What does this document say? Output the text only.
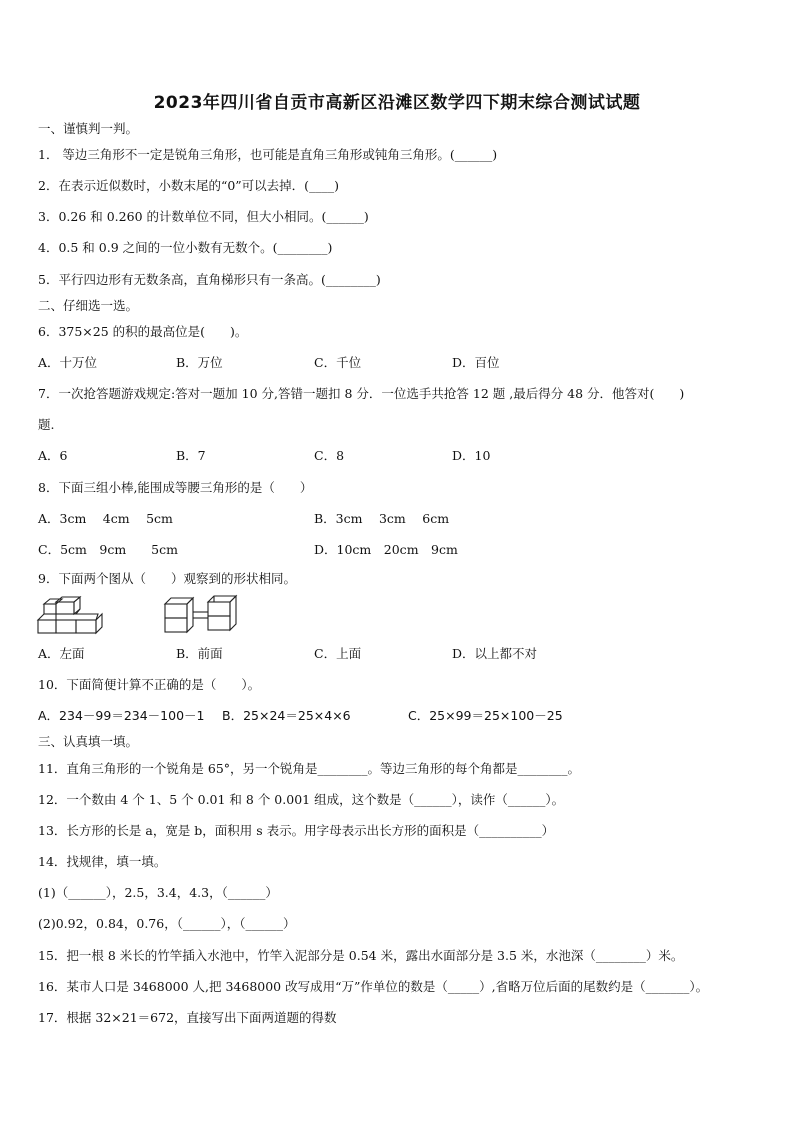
2023年四川省自贡市高新区沿滩区数学四下期末综合测试试题
一、谨慎判一判。
1． 等边三角形不一定是锐角三角形，也可能是直角三角形或钝角三角形。(______)
2．在表示近似数时，小数末尾的“0”可以去掉．(____)
3．0.26 和 0.260 的计数单位不同，但大小相同。(______)
4．0.5 和 0.9 之间的一位小数有无数个。(________)
5．平行四边形有无数条高，直角梯形只有一条高。(________)
二、仔细选一选。
6．375×25 的积的最高位是(　　)。
A．十万位	B．万位	C．千位	D．百位
7．一次抢答题游戏规定:答对一题加 10 分,答错一题扣 8 分．一位选手共抢答 12 题 ,最后得分 48 分．他答对(　　)
题.
A．6	B．7	C．8	D．10
8．下面三组小棒,能围成等腰三角形的是（　　）
A．3cm　 4cm　 5cm	B．3cm　 3cm　 6cm
C．5cm　9cm　　5cm	D．10cm　20cm　9cm
9．下面两个图从（　　）观察到的形状相同。
A．左面	B．前面	C．上面	D．以上都不对
10．下面简便计算不正确的是（　　）。
A．234－99＝234－100－1 B．25×24＝25×4×6	C．25×99＝25×100－25
三、认真填一填。
11．直角三角形的一个锐角是 65°，另一个锐角是________。等边三角形的每个角都是________。
12．一个数由 4 个 1、5 个 0.01 和 8 个 0.001 组成，这个数是（______），读作（______）。
13．长方形的长是 a，宽是 b，面积用 s 表示。用字母表示出长方形的面积是（__________）
14．找规律，填一填。
(1)（______），2.5，3.4，4.3，（______）
(2)0.92，0.84，0.76，（______），（______）
15．把一根 8 米长的竹竿插入水池中，竹竿入泥部分是 0.54 米，露出水面部分是 3.5 米，水池深（________）米。
16．某市人口是 3468000 人,把 3468000 改写成用“万”作单位的数是（_____）,省略万位后面的尾数约是（_______）。
17．根据 32×21＝672，直接写出下面两道题的得数
